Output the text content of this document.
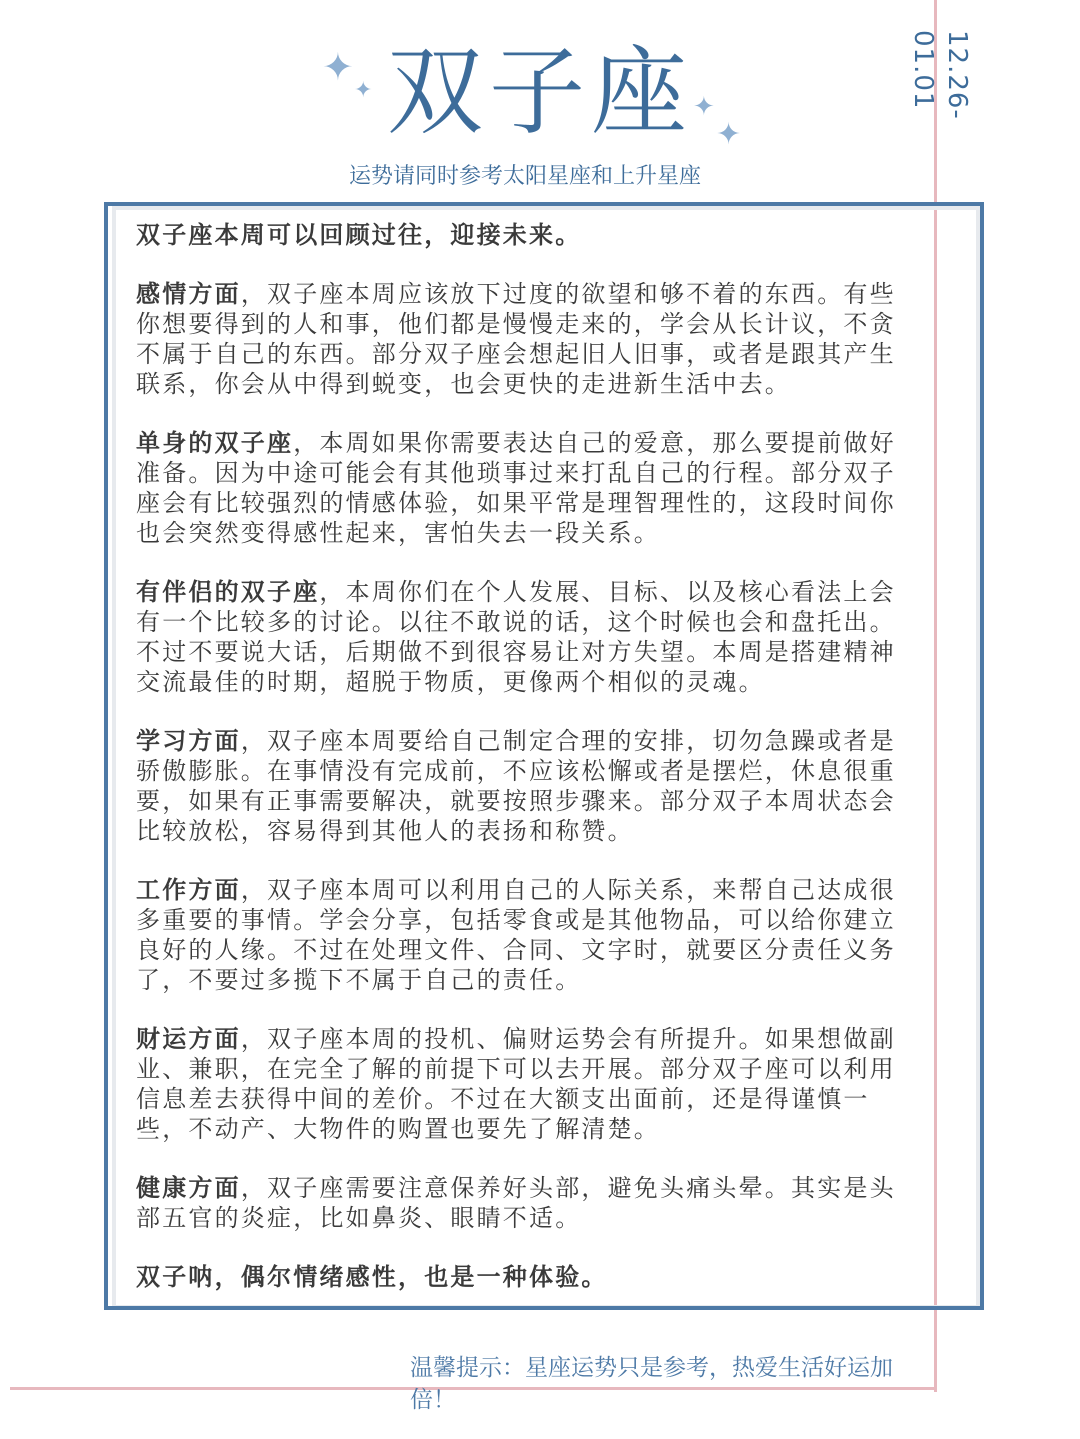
✦
✦
✦
✦
双子座
运势请同时参考太阳星座和上升星座
12.26-01.01

双子座本周可以回顾过往，迎接未来。

感情方面，双子座本周应该放下过度的欲望和够不着的东西。有些你想要得到的人和事，他们都是慢慢走来的，学会从长计议，不贪不属于自己的东西。部分双子座会想起旧人旧事，或者是跟其产生联系，你会从中得到蜕变，也会更快的走进新生活中去。

单身的双子座，本周如果你需要表达自己的爱意，那么要提前做好准备。因为中途可能会有其他琐事过来打乱自己的行程。部分双子座会有比较强烈的情感体验，如果平常是理智理性的，这段时间你也会突然变得感性起来，害怕失去一段关系。

有伴侣的双子座，本周你们在个人发展、目标、以及核心看法上会有一个比较多的讨论。以往不敢说的话，这个时候也会和盘托出。不过不要说大话，后期做不到很容易让对方失望。本周是搭建精神交流最佳的时期，超脱于物质，更像两个相似的灵魂。

学习方面，双子座本周要给自己制定合理的安排，切勿急躁或者是骄傲膨胀。在事情没有完成前，不应该松懈或者是摆烂，休息很重要，如果有正事需要解决，就要按照步骤来。部分双子本周状态会比较放松，容易得到其他人的表扬和称赞。

工作方面，双子座本周可以利用自己的人际关系，来帮自己达成很多重要的事情。学会分享，包括零食或是其他物品，可以给你建立良好的人缘。不过在处理文件、合同、文字时，就要区分责任义务了，不要过多揽下不属于自己的责任。

财运方面，双子座本周的投机、偏财运势会有所提升。如果想做副业、兼职，在完全了解的前提下可以去开展。部分双子座可以利用信息差去获得中间的差价。不过在大额支出面前，还是得谨慎一些，不动产、大物件的购置也要先了解清楚。

健康方面，双子座需要注意保养好头部，避免头痛头晕。其实是头部五官的炎症，比如鼻炎、眼睛不适。

双子呐，偶尔情绪感性，也是一种体验。

温馨提示：星座运势只是参考，热爱生活好运加倍！
